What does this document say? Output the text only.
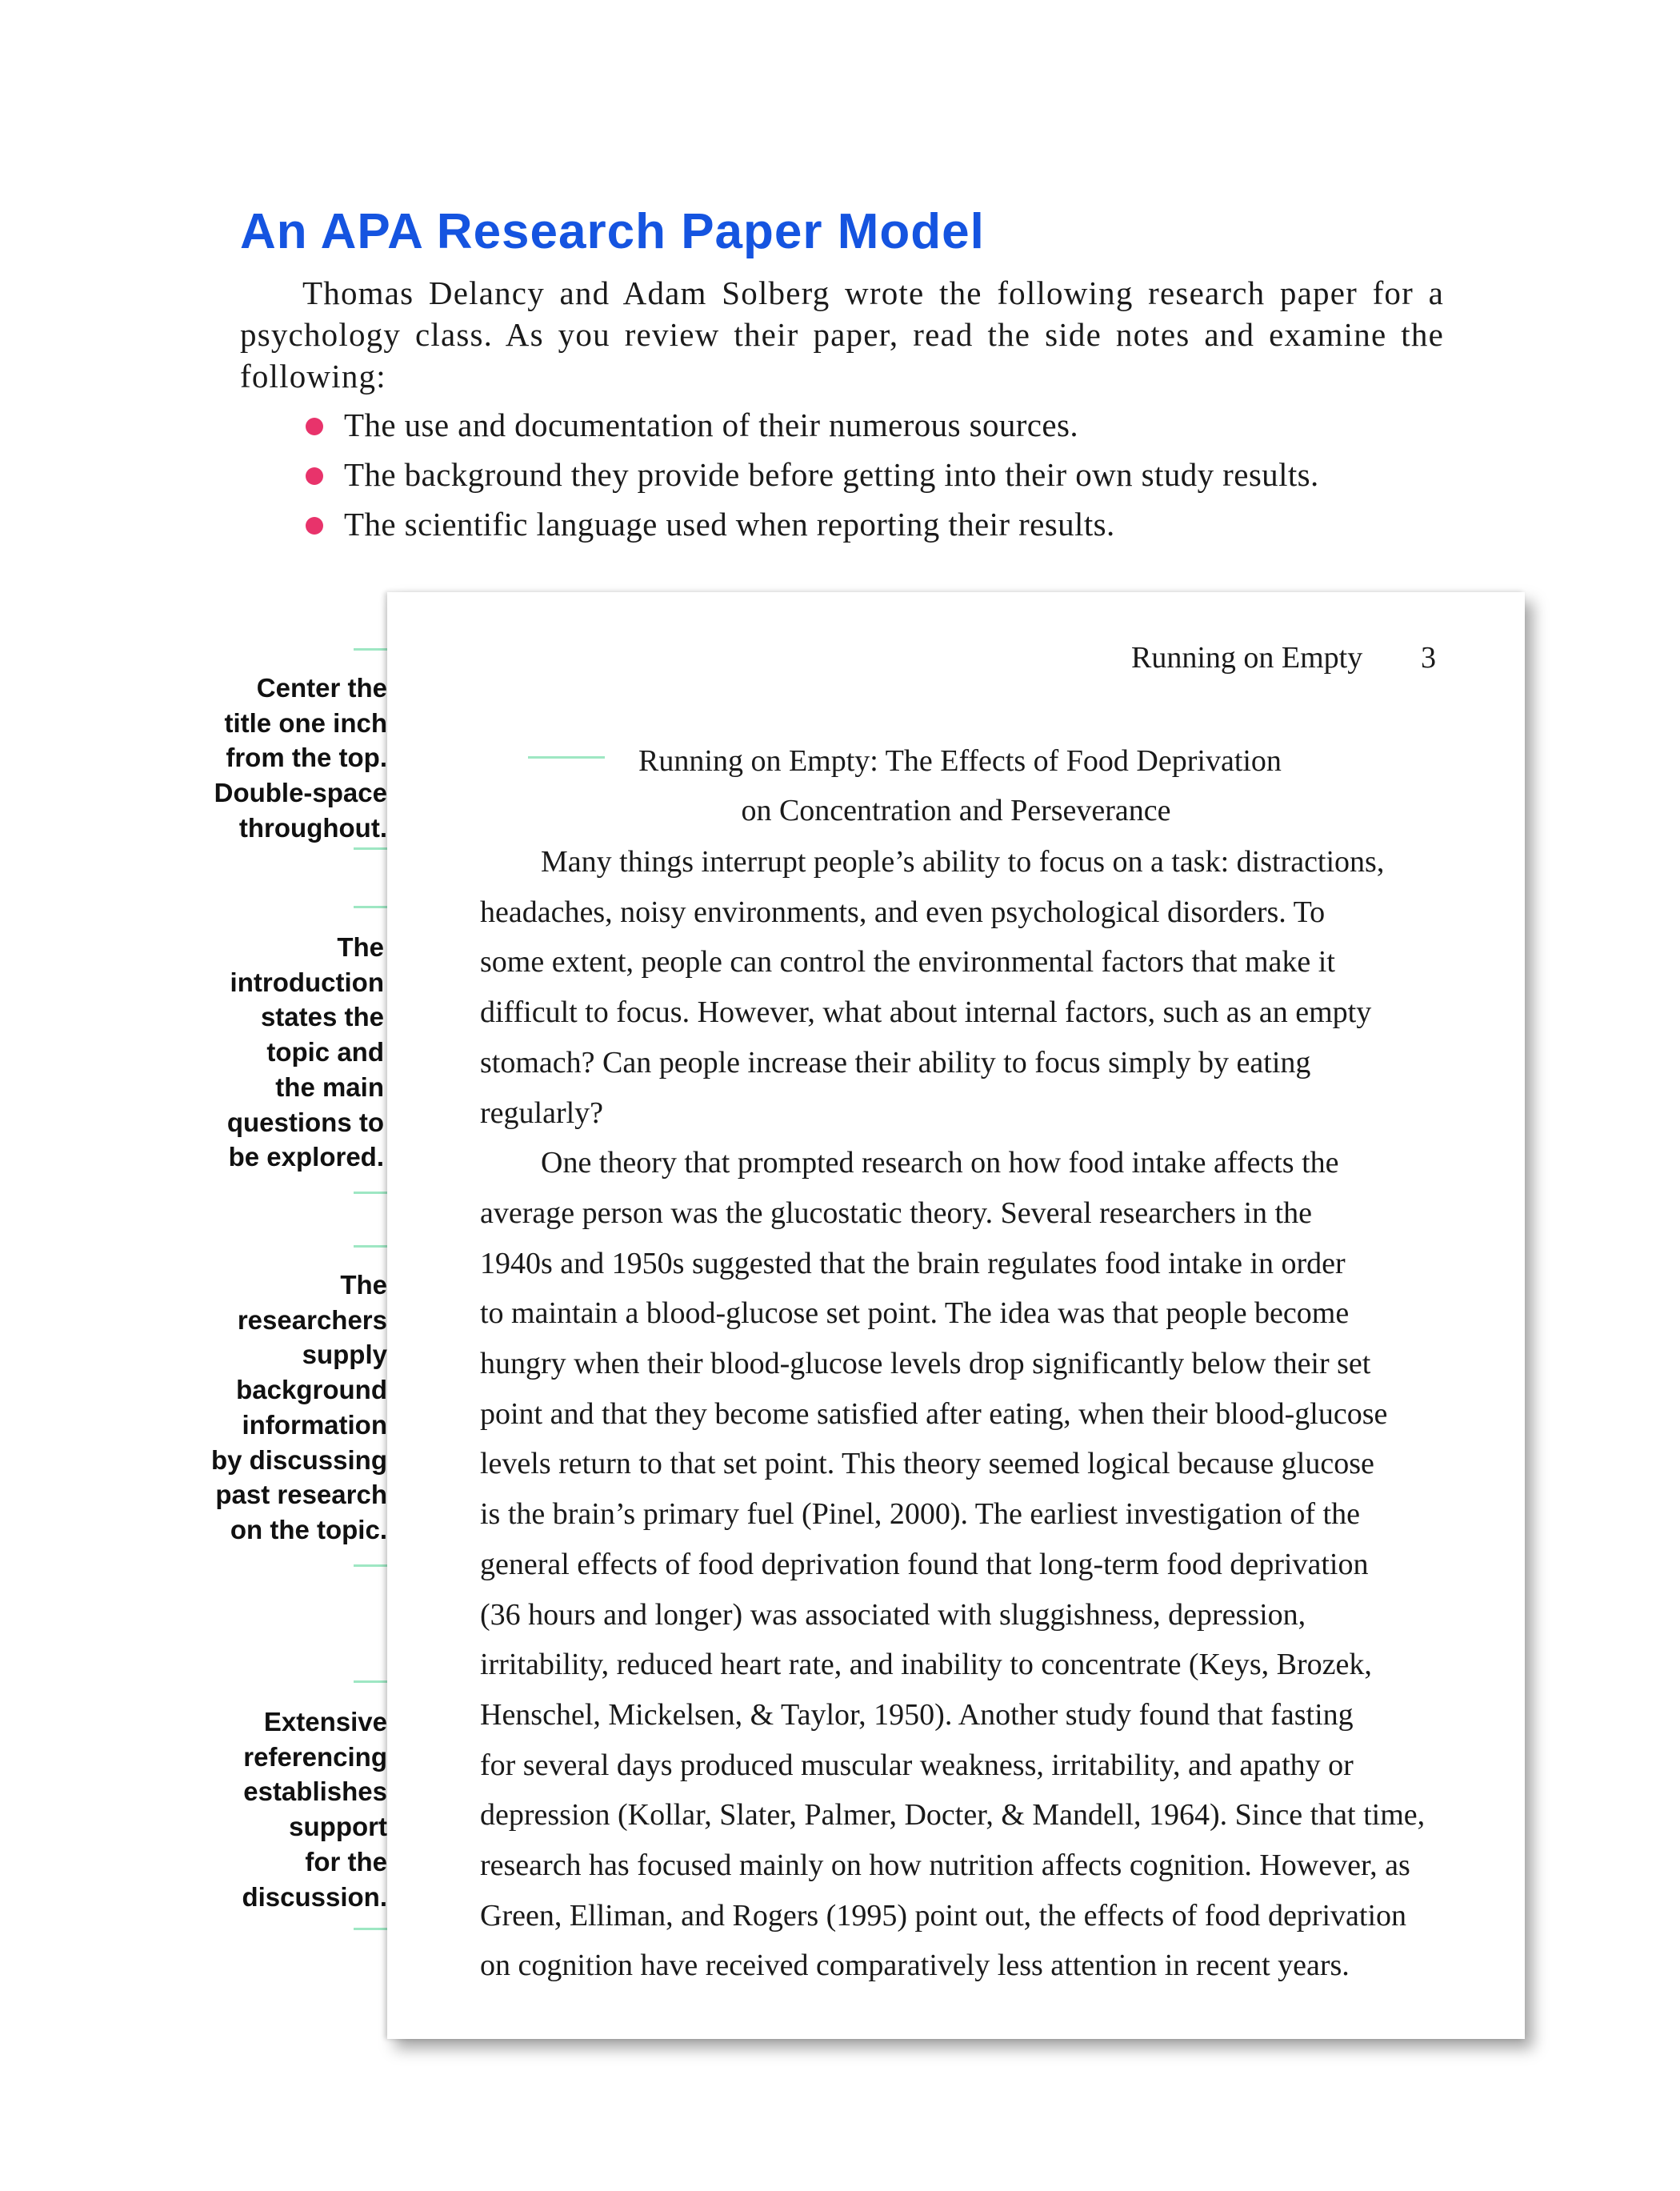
An APA Research Paper Model

Thomas Delancy and Adam Solberg wrote the following research paper for a psychology class. As you review their paper, read the side notes and examine the following:

The use and documentation of their numerous sources.
The background they provide before getting into their own study results.
The scientific language used when reporting their results.
Center the
title one inch
from the top.
Double-space
throughout.
The
introduction
states the
topic and
the main
questions to
be explored.
The
researchers
supply
background
information
by discussing
past research
on the topic.
Extensive
referencing
establishes
support
for the
discussion.
Running on Empty 3
Running on Empty: The Effects of Food Deprivation
on Concentration and Perseverance
Many things interrupt people’s ability to focus on a task: distractions,
headaches, noisy environments, and even psychological disorders. To
some extent, people can control the environmental factors that make it
difficult to focus. However, what about internal factors, such as an empty
stomach? Can people increase their ability to focus simply by eating
regularly?
One theory that prompted research on how food intake affects the
average person was the glucostatic theory. Several researchers in the
1940s and 1950s suggested that the brain regulates food intake in order
to maintain a blood-glucose set point. The idea was that people become
hungry when their blood-glucose levels drop significantly below their set
point and that they become satisfied after eating, when their blood-glucose
levels return to that set point. This theory seemed logical because glucose
is the brain’s primary fuel (Pinel, 2000). The earliest investigation of the
general effects of food deprivation found that long-term food deprivation
(36 hours and longer) was associated with sluggishness, depression,
irritability, reduced heart rate, and inability to concentrate (Keys, Brozek,
Henschel, Mickelsen, & Taylor, 1950). Another study found that fasting
for several days produced muscular weakness, irritability, and apathy or
depression (Kollar, Slater, Palmer, Docter, & Mandell, 1964). Since that time,
research has focused mainly on how nutrition affects cognition. However, as
Green, Elliman, and Rogers (1995) point out, the effects of food deprivation
on cognition have received comparatively less attention in recent years.
